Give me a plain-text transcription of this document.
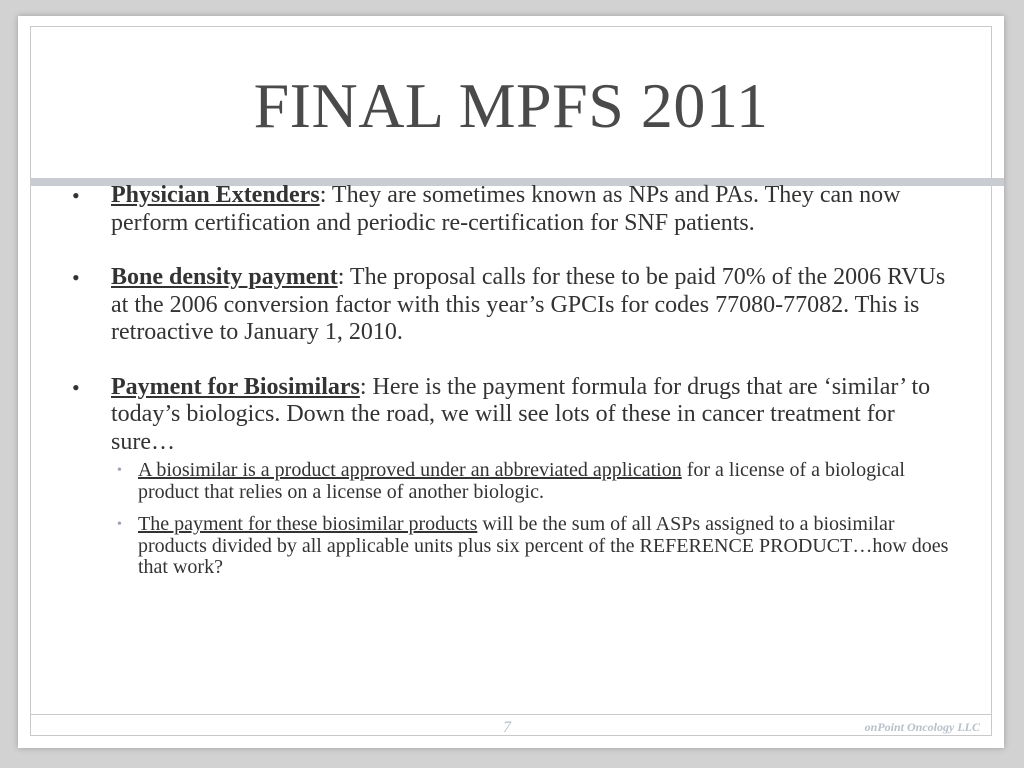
FINAL MPFS 2011
• Physician Extenders: They are sometimes known as NPs and PAs. They can now perform certification and periodic re-certification for SNF patients.
• Bone density payment: The proposal calls for these to be paid 70% of the 2006 RVUs at the 2006 conversion factor with this year’s GPCIs for codes 77080-77082. This is retroactive to January 1, 2010.
• Payment for Biosimilars: Here is the payment formula for drugs that are ‘similar’ to today’s biologics. Down the road, we will see lots of these in cancer treatment for sure…
• A biosimilar is a product approved under an abbreviated application for a license of a biological product that relies on a license of another biologic.
• The payment for these biosimilar products will be the sum of all ASPs assigned to a biosimilar products divided by all applicable units plus six percent of the REFERENCE PRODUCT…how does that work?
7	onPoint Oncology LLC
